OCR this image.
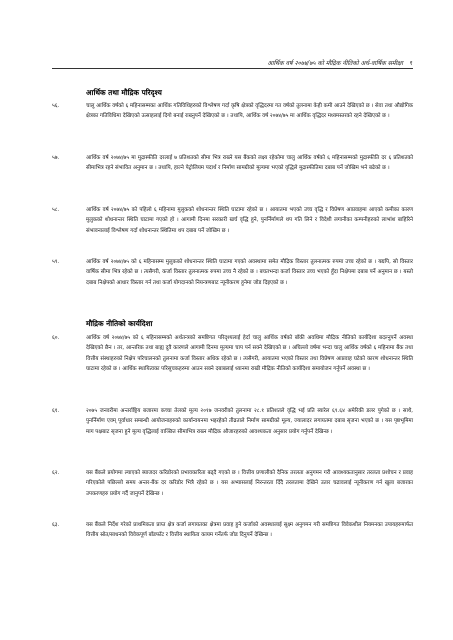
आर्थिक वर्ष २०७४/७५ को मौद्रिक नीतिको अर्ध-वार्षिक समीक्षा ९
आर्थिक तथा मौद्रिक परिदृश्य
५६.	चालु आर्थिक वर्षको ६ महिनासम्मका आर्थिक गतिविधिहरुको विश्लेषण गर्दा कृषि क्षेत्रको वृद्धिदरमा गत वर्षको तुलनामा केही कमी आउने देखिएको छ । सेवा तथा औद्योगिक क्षेत्रका गतिविधिमा देखिएको उत्साहलाई दिगो बनाई राख्नुपर्ने देखिएको छ । तथापि, आर्थिक वर्ष २०७४/७५ मा आर्थिक वृद्धिदर मध्यमस्तरको रहने देखिएको छ ।
५७.	आर्थिक वर्ष २०७४/७५ मा मुद्रास्फीति दरलाई ७ प्रतिशतको सीमा भित्र राख्ने यस बैंकको लक्ष्य रहेकोमा चालु आर्थिक वर्षको ६ महिनासम्मको मुद्रास्फीति दर ६ प्रतिशतको सीमाभित्र रहने संभावित अनुमान छ । तथापि, हाल्ने पेट्रोलियम पदार्थ र निर्माण सामग्रीको मूल्यमा भएको वृद्धिले मुद्रास्फीतिमा दबाब पर्ने जोखिम भने बढेको छ ।
५८.	आर्थिक वर्ष २०७४/७५ को पहिलो ६ महिनामा मुलुकको शोधनान्तर स्थिति घाटामा रहेको छ । आयातमा भएको उच्च वृद्धि र विप्रेषण आप्रवाहमा आएको कमीका कारण मुलुकको शोधनान्तर स्थिति घाटामा गएको हो । आगामी दिनमा सरकारी खर्च वृद्धि हुने, पुनर्निर्माणले थप गति लिने र विदेशी लगानीका कम्पनीहरुको लाभांश बाहिरिने संभावनालाई विश्लेषण गर्दा शोधनान्तर स्थितिमा थप दबाब पर्ने जोखिम छ ।
५९.	आर्थिक वर्ष २०७४/७५ को ६ महिनासम्म मुलुकको शोधनान्तर स्थिति घाटामा गएको अवस्थामा समेत मौद्रिक विस्तार तुलनात्मक रुपमा उच्च रहेको छ । यद्यपि, सो विस्तार वार्षिक सीमा भित्र रहेको छ । त्यसैगरी, कर्जा विस्तार तुलनात्मक रुपमा उच्च नै रहेको छ । बचतभन्दा कर्जा विस्तार उच्च भएको हुँदा निक्षेपमा दबाब पर्ने अनुमान छ । यस्तो दबाब निक्षेपको आधार विस्तार गर्न तथा कर्जा योगदानको नियन्त्रणबाट न्यूनीकरण हुनेमा जोड दिइएको छ ।
मौद्रिक नीतिको कार्यदिशा
६०.	आर्थिक वर्ष २०७४/७५ को ६ महिनासम्मको अर्थतन्त्रको समष्टिगत परिदृश्यलाई हेर्दा चालु आर्थिक वर्षको बाँकी अवधिमा मौद्रिक नीतिको कार्यदिशा बदल्नुपर्ने अवस्था देखिएको छैन । तर, आन्तरिक तथा बाह्य दुवै कारणले आगामी दिनमा मूल्यमा चाप पर्न सक्ने देखिएको छ । अघिल्लो वर्षमा भन्दा चालु आर्थिक वर्षको ६ महिनामा बैंक तथा वित्तीय संस्थाहरुको निक्षेप परिचालनको तुलनामा कर्जा विस्तार अधिक रहेको छ । त्यसैगरी, आयातमा भएको विस्तार तथा विप्रेषण आप्रवाह घटेको कारण शोधनान्तर स्थिति घाटामा रहेको छ । आर्थिक स्थायित्वका परिसूचकहरुमा आउन सक्ने दबाबलाई ध्यानमा राखी मौद्रिक नीतिको कार्यदिशा समायोजन गर्नुपर्ने अवस्था छ ।
६१.	२०७५ जनवरीमा अन्तर्राष्ट्रिय बजारमा कच्चा तेलको मूल्य २०१७ जनवरीको तुलनामा २८.१ प्रतिशतले वृद्धि भई प्रति ब्यारेल ६९.६४ अमेरिकी डलर पुगेको छ । साथै, पुनर्निर्माण एवम् पूर्वाधार सम्बन्धी आयोजनाहरुको कार्यान्वयनमा भइरहेको तीव्रताले निर्माण सामग्रीको मूल्य, ज्यालादर लगायतमा दबाब सृजना भएको छ । यस पृष्ठभूमिमा माग पक्षबाट सृजना हुने मूल्य वृद्धिलाई वाञ्छित सीमाभित्र राख्न मौद्रिक औजारहरुको आवश्यकता अनुसार प्रयोग गर्नुपर्ने देखिन्छ ।
६२.	यस बैंकले प्रयोगमा ल्याएको ब्याजदर करिडोरको प्रभावकारिता बढ्दै गएको छ । वित्तीय प्रणालीको दैनिक तरलता अनुगमन गरी आवश्यकतानुसार तरलता प्रशोचन र प्रवाह गरिएकोले पछिल्लो समय अन्तर-बैंक दर करिडोर भित्रै रहेको छ । यस अभ्यासलाई निरन्तरता दिँदै तरलतामा देखिने उतार चढावलाई न्यूनीकरण गर्न खुला बजारका उपकरणहरु प्रयोग गर्दै जानुपर्ने देखिन्छ ।
६३.	यस बैंकले निर्देश गरेको प्राथमिकता प्राप्त क्षेत्र कर्जा लगायतका क्षेत्रमा प्रवाह हुने कर्जाको अवस्थालाई सूक्ष्म अनुगमन गरी समष्टिगत विवेकशील नियमनका उपायहरुमार्फत वित्तीय स्रोत/साधनको विवेकपूर्ण बाँडफाँट र वित्तीय स्थायित्व कायम गर्नेतर्फ जोड दिनुपर्ने देखिन्छ ।
